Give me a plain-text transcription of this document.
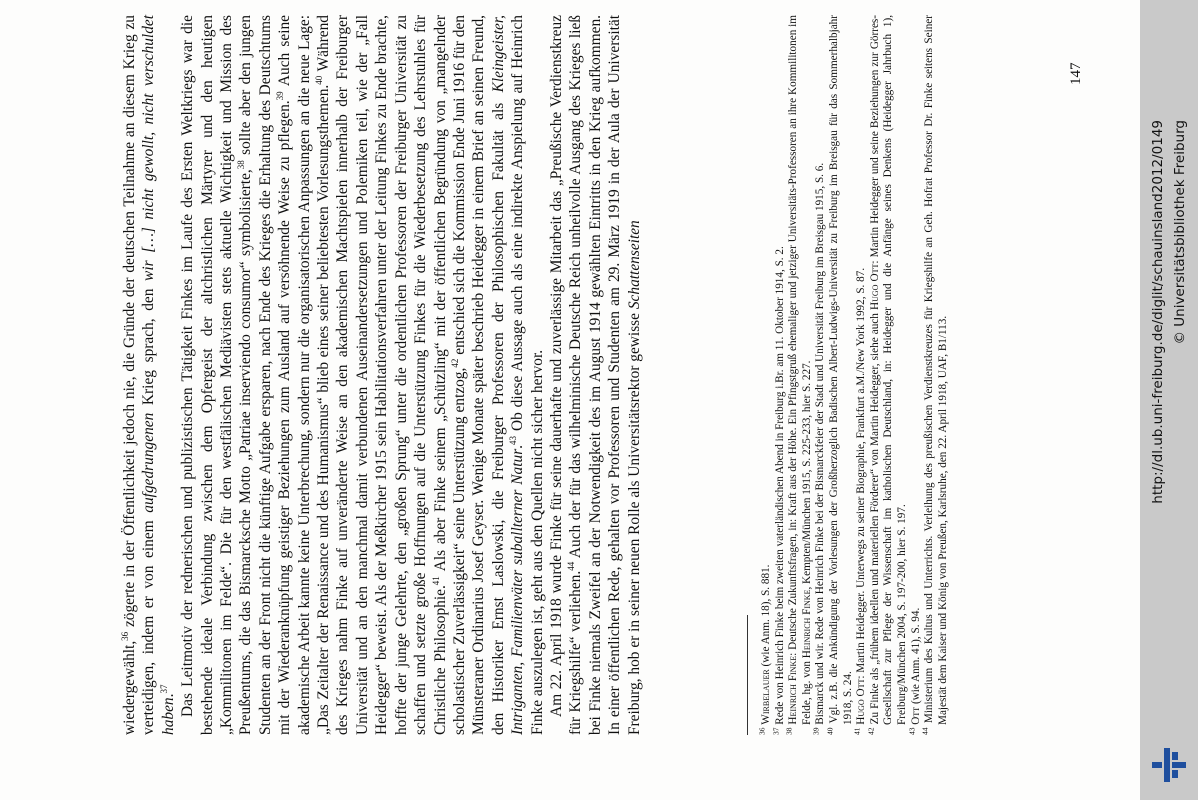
wiedergewählt,$^{36}$ zögerte in der Öffentlichkeit jedoch nie, die Gründe der deutschen Teilnahme an diesem Krieg zu verteidigen, indem er von einem aufgedrungenen Krieg sprach, den wir […] nicht gewollt, nicht verschuldet haben.$^{37}$ Das Leitmotiv der rednerischen und publizistischen Tätigkeit Finkes im Laufe des Ersten Weltkriegs war die bestehende ideale Verbindung zwischen dem Opfergeist der altchristlichen Märtyrer und den heutigen „Kommilitonen im Felde“. Die für den westfälischen Mediävisten stets aktuelle Wichtigkeit und Mission des Preußentums, die das Bismarcksche Motto „Patriae inserviendo consumor“ symbolisierte,$^{38}$ sollte aber den jungen Studenten an der Front nicht die künftige Aufgabe ersparen, nach Ende des Krieges die Erhaltung des Deutschtums mit der Wiederanknüpfung geistiger Beziehungen zum Ausland auf versöhnende Weise zu pflegen.$^{39}$ Auch seine akademische Arbeit kannte keine Unterbrechung, sondern nur die organisatorischen Anpassungen an die neue Lage: „Das Zeitalter der Renaissance und des Humanismus“ blieb eines seiner beliebtesten Vorlesungsthemen.$^{40}$ Während des Krieges nahm Finke auf unveränderte Weise an den akademischen Machtspielen innerhalb der Freiburger Universität und an den manchmal damit verbundenen Auseinandersetzungen und Polemiken teil, wie der „Fall Heidegger“ beweist. Als der Meßkircher 1915 sein Habilitationsverfahren unter der Leitung Finkes zu Ende brachte, hoffte der junge Gelehrte, den „großen Sprung“ unter die ordentlichen Professoren der Freiburger Universität zu schaffen und setzte große Hoffnungen auf die Unterstützung Finkes für die Wiederbesetzung des Lehrstuhles für Christliche Philosophie.$^{41}$ Als aber Finke seinem „Schützling“ mit der öffentlichen Begründung von „mangelnder scholastischer Zuverlässigkeit“ seine Unterstützung entzog,$^{42}$ entschied sich die Kommission Ende Juni 1916 für den Münsteraner Ordinarius Josef Geyser. Wenige Monate später beschrieb Heidegger in einem Brief an seinen Freund, den Historiker Ernst Laslowski, die Freiburger Professoren der Philosophischen Fakultät als Kleingeister, Intriganten, Familienväter suballterner Natur.$^{43}$ Ob diese Aussage auch als eine indirekte Anspielung auf Heinrich Finke auszulegen ist, geht aus den Quellen nicht sicher hervor. Am 22. April 1918 wurde Finke für seine dauerhafte und zuverlässige Mitarbeit das „Preußische Verdienstkreuz für Kriegshilfe“ verliehen.$^{44}$ Auch der für das wilhelminische Deutsche Reich unheilvolle Ausgang des Krieges ließ bei Finke niemals Zweifel an der Notwendigkeit des im August 1914 gewählten Eintritts in den Krieg aufkommen. In einer öffentlichen Rede, gehalten vor Professoren und Studenten am 29. März 1919 in der Aula der Universität Freiburg, hob er in seiner neuen Rolle als Universitätsrektor gewisse Schattenseiten

$^{36}$ Wirbelauer (wie Anm. 18), S. 881.

$^{37}$ Rede von Heinrich Finke beim zweiten vaterländischen Abend in Freiburg i.Br. am 11. Oktober 1914, S. 2.

$^{38}$ Heinrich Finke: Deutsche Zukunftsfragen, in: Kraft aus der Höhe. Ein Pfingstgruß ehemaliger und jetziger Universitäts-Professoren an ihre Kommilitonen im Felde, hg. von Heinrich Finke, Kempten/München 1915, S. 225-233, hier S. 227.

$^{39}$ Bismarck und wir. Rede von Heinrich Finke bei der Bismarckfeier der Stadt und Universität Freiburg im Breisgau 1915, S. 6.

$^{40}$ Vgl. z.B. die Ankündigung der Vorlesungen der Großherzoglich Badischen Albert-Ludwigs-Universität zu Freiburg im Breisgau für das Sommerhalbjahr 1918, S. 24.

$^{41}$ Hugo Ott: Martin Heidegger. Unterwegs zu seiner Biographie, Frankfurt a.M./New York 1992, S. 87.

$^{42}$ Zu Finke als „frühem ideellen und materiellen Förderer“ von Martin Heidegger, siehe auch Hugo Ott: Martin Heidegger und seine Beziehungen zur Görres-Gesellschaft zur Pflege der Wissenschaft im katholischen Deutschland, in: Heidegger und die Anfänge seines Denkens (Heidegger Jahrbuch 1), Freiburg/München 2004, S. 197-200, hier S. 197.

$^{43}$ Ott (wie Anm. 41), S. 94.

$^{44}$ Ministerium des Kultus und Unterrichts. Verleihung des preußischen Verdienstkreuzes für Kriegshilfe an Geh. Hofrat Professor Dr. Finke seitens Seiner Majestät dem Kaiser und König von Preußen, Karlsruhe, den 22. April 1918, UAF, B1/113.

147
http://dl.ub.uni-freiburg.de/diglit/schauinsland2012/0149 © Universitätsbibliothek Freiburg
